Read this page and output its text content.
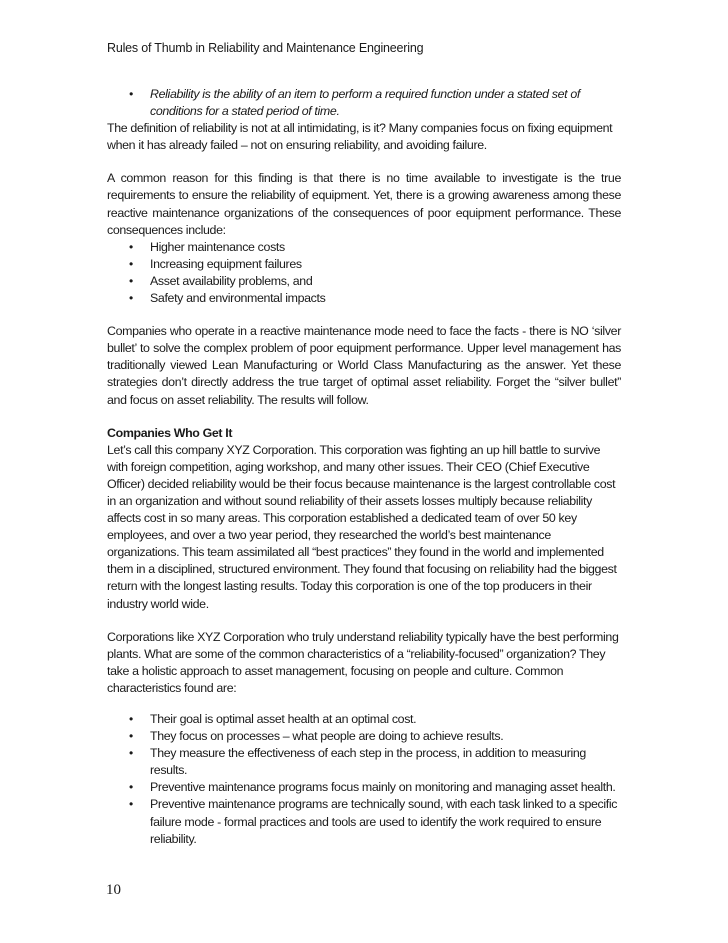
Rules of Thumb in Reliability and Maintenance Engineering
• Reliability is the ability of an item to perform a required function under a stated set of conditions for a stated period of time.

The definition of reliability is not at all intimidating, is it? Many companies focus on fixing equipment when it has already failed – not on ensuring reliability, and avoiding failure.

A common reason for this finding is that there is no time available to investigate is the true requirements to ensure the reliability of equipment. Yet, there is a growing awareness among these reactive maintenance organizations of the consequences of poor equipment performance. These consequences include:

• Higher maintenance costs
• Increasing equipment failures
• Asset availability problems, and
• Safety and environmental impacts

Companies who operate in a reactive maintenance mode need to face the facts - there is NO ‘silver bullet’ to solve the complex problem of poor equipment performance. Upper level management has traditionally viewed Lean Manufacturing or World Class Manufacturing as the answer. Yet these strategies don’t directly address the true target of optimal asset reliability. Forget the “silver bullet” and focus on asset reliability. The results will follow.

Companies Who Get It
Let’s call this company XYZ Corporation. This corporation was fighting an up hill battle to survive with foreign competition, aging workshop, and many other issues. Their CEO (Chief Executive Officer) decided reliability would be their focus because maintenance is the largest controllable cost in an organization and without sound reliability of their assets losses multiply because reliability affects cost in so many areas. This corporation established a dedicated team of over 50 key employees, and over a two year period, they researched the world’s best maintenance organizations. This team assimilated all “best practices” they found in the world and implemented them in a disciplined, structured environment. They found that focusing on reliability had the biggest return with the longest lasting results. Today this corporation is one of the top producers in their industry world wide.

Corporations like XYZ Corporation who truly understand reliability typically have the best performing plants. What are some of the common characteristics of a “reliability-focused” organization? They take a holistic approach to asset management, focusing on people and culture. Common characteristics found are:

• Their goal is optimal asset health at an optimal cost.
• They focus on processes – what people are doing to achieve results.
• They measure the effectiveness of each step in the process, in addition to measuring results.
• Preventive maintenance programs focus mainly on monitoring and managing asset health.
• Preventive maintenance programs are technically sound, with each task linked to a specific failure mode - formal practices and tools are used to identify the work required to ensure reliability.
10
